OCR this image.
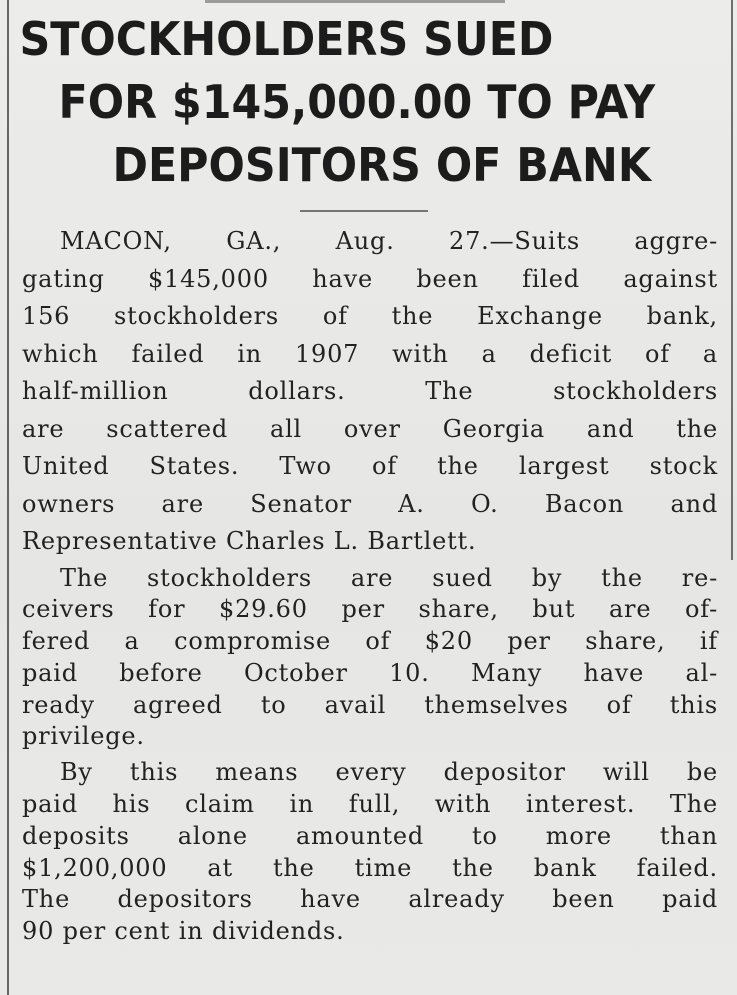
STOCKHOLDERS SUED
FOR $145,000.00 TO PAY
DEPOSITORS OF BANK
MACON, GA., Aug. 27.—Suits aggre-
gating $145,000 have been filed against
156 stockholders of the Exchange bank,
which failed in 1907 with a deficit of a
half-million dollars. The stockholders
are scattered all over Georgia and the
United States. Two of the largest stock
owners are Senator A. O. Bacon and
Representative Charles L. Bartlett.
The stockholders are sued by the re-
ceivers for $29.60 per share, but are of-
fered a compromise of $20 per share, if
paid before October 10. Many have al-
ready agreed to avail themselves of this
privilege.
By this means every depositor will be
paid his claim in full, with interest. The
deposits alone amounted to more than
$1,200,000 at the time the bank failed.
The depositors have already been paid
90 per cent in dividends.
